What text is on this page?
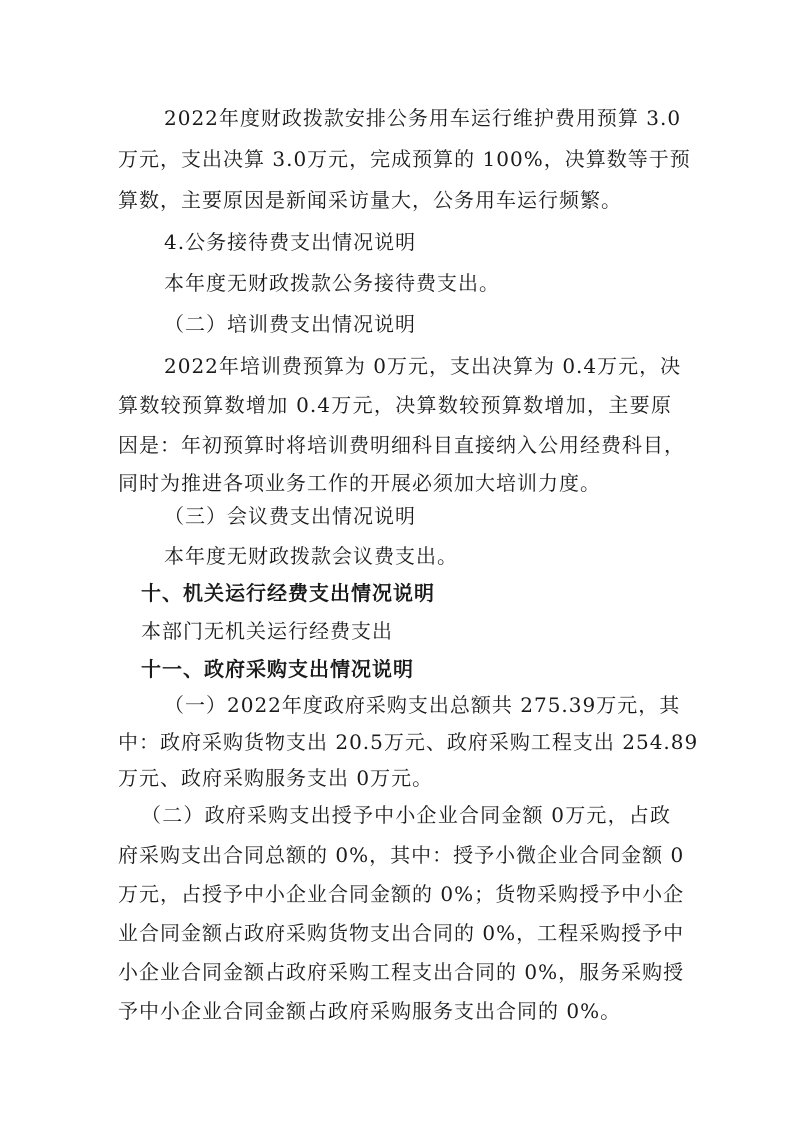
2022年度财政拨款安排公务用车运行维护费用预算 3.0
万元，支出决算 3.0万元，完成预算的 100%，决算数等于预
算数，主要原因是新闻采访量大，公务用车运行频繁。
4.公务接待费支出情况说明
本年度无财政拨款公务接待费支出。
（二）培训费支出情况说明
2022年培训费预算为 0万元，支出决算为 0.4万元，决
算数较预算数增加 0.4万元，决算数较预算数增加，主要原
因是：年初预算时将培训费明细科目直接纳入公用经费科目，
同时为推进各项业务工作的开展必须加大培训力度。
（三）会议费支出情况说明
本年度无财政拨款会议费支出。
十、机关运行经费支出情况说明
本部门无机关运行经费支出
十一、政府采购支出情况说明
（一）2022年度政府采购支出总额共 275.39万元，其
中：政府采购货物支出 20.5万元、政府采购工程支出 254.89
万元、政府采购服务支出 0万元。
（二）政府采购支出授予中小企业合同金额 0万元，占政
府采购支出合同总额的 0%，其中：授予小微企业合同金额 0
万元，占授予中小企业合同金额的 0%；货物采购授予中小企
业合同金额占政府采购货物支出合同的 0%，工程采购授予中
小企业合同金额占政府采购工程支出合同的 0%，服务采购授
予中小企业合同金额占政府采购服务支出合同的 0%。
